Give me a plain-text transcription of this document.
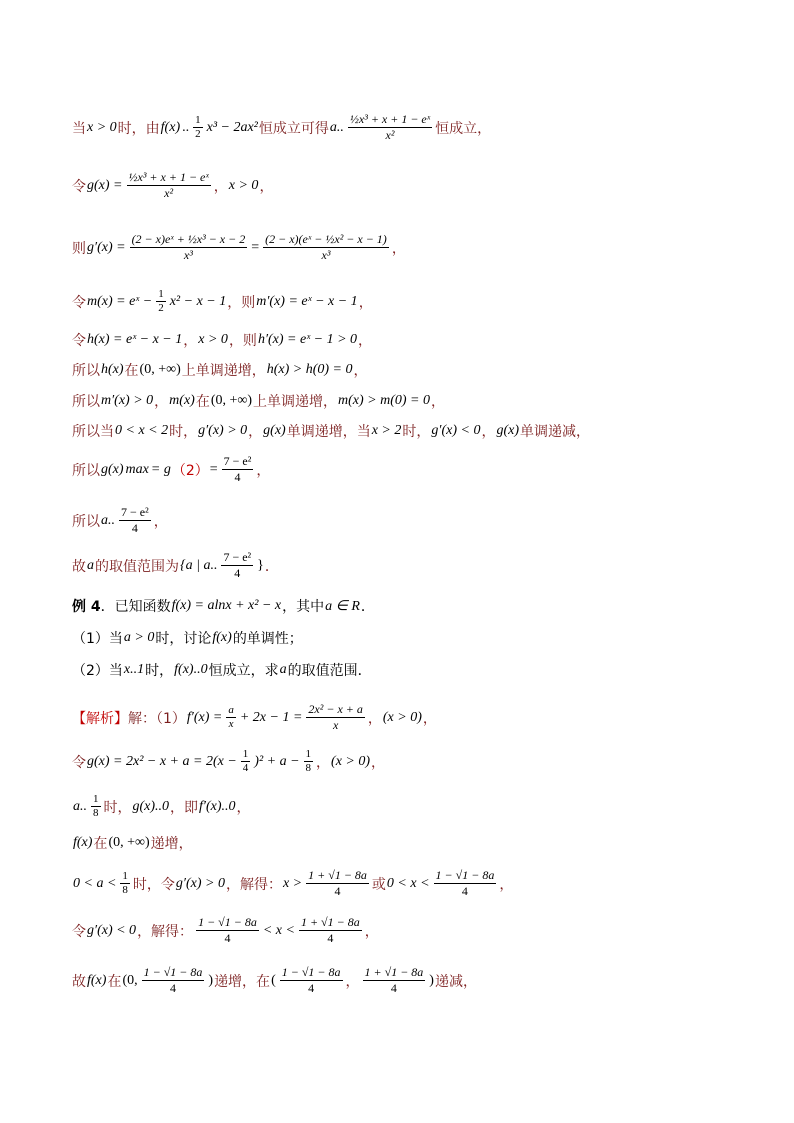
当 x > 0 时，由 f(x) .. $\frac{1}{2} x^3 - 2ax^2$ 恒成立可得 a.. $\frac{\text{½x³ + x + 1 − eˣ}}{\text{x²}}$ 恒成立，
令 $g(x) = \frac{\text{½x³ + x + 1 − eˣ}}{\text{x²}}$ ， x > 0 ，
则 $g'(x) = \frac{\text{(2 − x)eˣ + ½x³ − x − 2}}{\text{x³}} = \frac{\text{(2 − x)(eˣ − ½x² − x − 1)}}{\text{x³}}$ ，
令 m(x) = eˣ − $\frac{1}{2} x^2 - x - 1$ ，则 m′(x) = eˣ − x − 1 ，
令 h(x) = eˣ − x − 1 ， x > 0 ，则 h′(x) = eˣ − 1 > 0 ，
所以 h(x) 在 (0, +∞) 上单调递增， h(x) > h(0) = 0 ，
所以 m′(x) > 0 ， m(x) 在 (0, +∞) 上单调递增， m(x) > m(0) = 0 ，
所以当 0 < x < 2 时， g′(x) > 0 ， g(x) 单调递增，当 x > 2 时， g′(x) < 0 ， g(x) 单调递减，
所以 g(x) max = g $(2) = \frac{\text{7 − e²}}{4}$ ，
所以 a.. $\frac{\text{7 − e²}}{4}$ ，
故 a 的取值范围为 {a | a.. $\frac{\text{7 − e²}}{4}$ } ．
例 4 ．已知函数 f(x) = alnx + x² − x ，其中 a ∈ R ．
（1）当 a > 0 时，讨论 f(x) 的单调性；
（2）当 x..1 时， f(x)..0 恒成立，求 a 的取值范围．
【解析】 解：（1） $f'(x) = \frac{a}{x} + 2x - 1 = \frac{\text{2x² − x + a}}{x}$ ， (x > 0) ，
令 $g(x) = 2x^2 - x + a = 2(x - \frac{1}{4} )^2 + a - \frac{1}{8}$ ， (x > 0) ，
a.. $\frac{1}{8}$ 时， g(x)..0 ，即 f′(x)..0 ，
f(x) 在 (0, +∞) 递增，
$0 < a < \frac{1}{8}$ 时，令 g′(x) > 0 ，解得： $x > \frac{1 + √1 - 8a}{4}$ 或 $0 < x < \frac{1 - √1 - 8a}{4}$ ，
令 g′(x) < 0 ，解得： $\frac{1 - √1 - 8a}{4} < x < \frac{1 + √1 - 8a}{4}$ ，
故 f(x) 在 (0, $\frac{1 - √1 - 8a}{4}$ ) 递增，在 ( $\frac{1 - √1 - 8a}{4}$ ， $\frac{1 + √1 - 8a}{4}$ ) 递减，
